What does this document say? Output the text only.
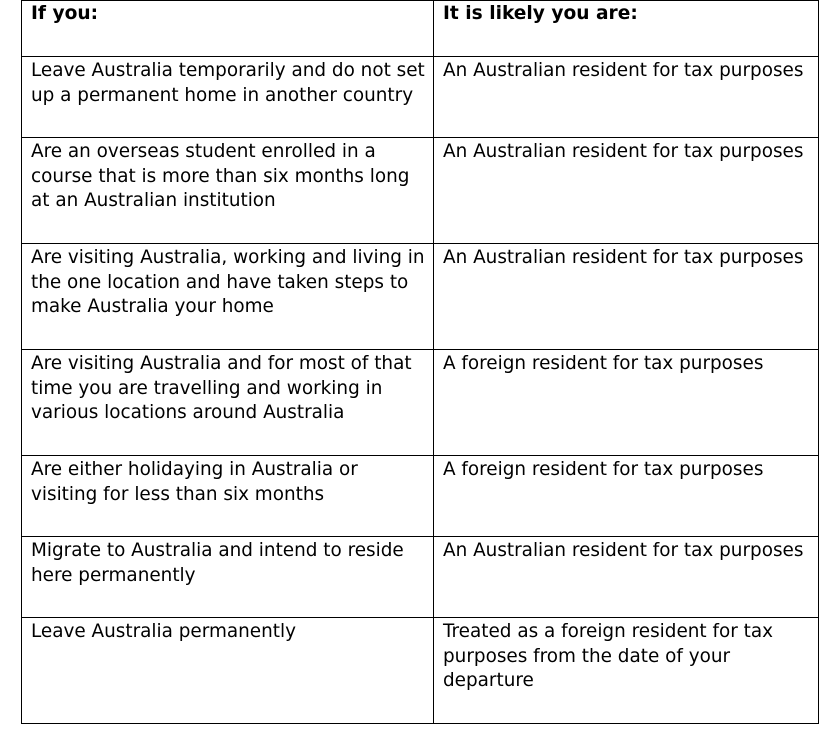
If you:	It is likely you are:
Leave Australia temporarily and do not set up a permanent home in another country	An Australian resident for tax purposes
Are an overseas student enrolled in a course that is more than six months long at an Australian institution	An Australian resident for tax purposes
Are visiting Australia, working and living in the one location and have taken steps to make Australia your home	An Australian resident for tax purposes
Are visiting Australia and for most of that time you are travelling and working in various locations around Australia	A foreign resident for tax purposes
Are either holidaying in Australia or visiting for less than six months	A foreign resident for tax purposes
Migrate to Australia and intend to reside here permanently	An Australian resident for tax purposes
Leave Australia permanently	Treated as a foreign resident for tax purposes from the date of your departure
